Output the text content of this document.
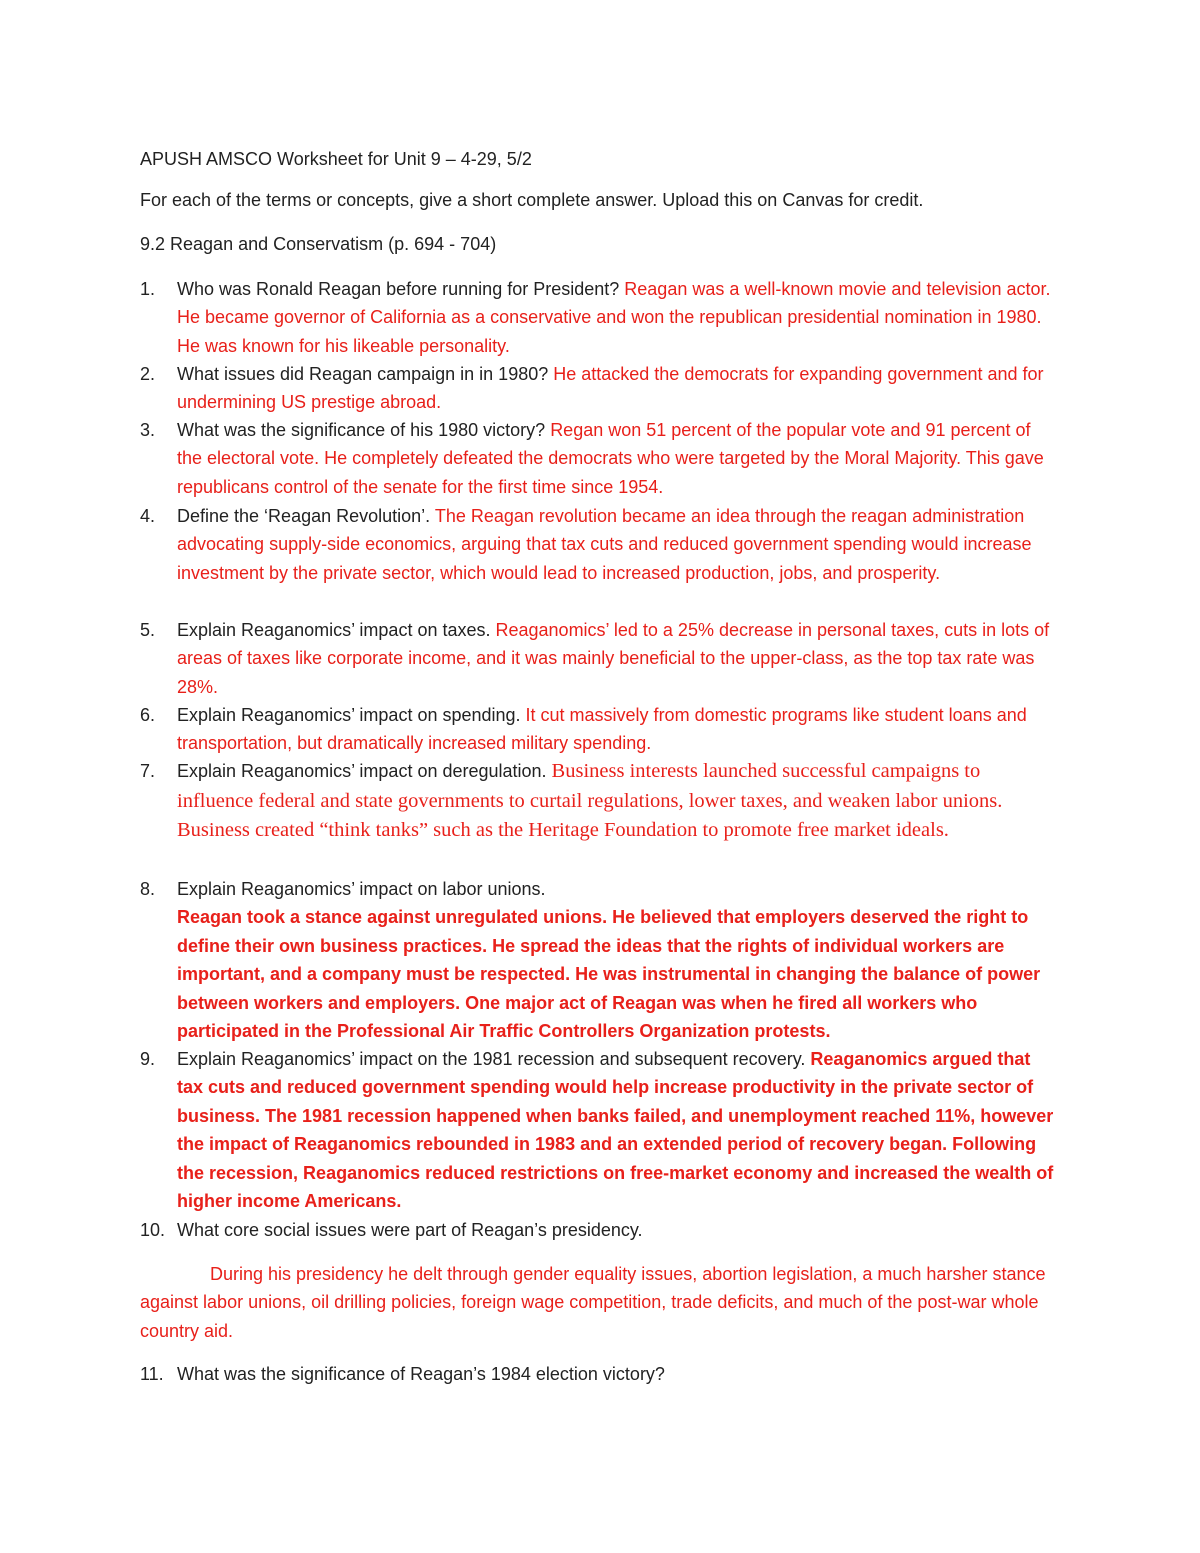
APUSH AMSCO Worksheet for Unit 9 – 4-29, 5/2
For each of the terms or concepts, give a short complete answer. Upload this on Canvas for credit.
9.2 Reagan and Conservatism (p. 694 - 704)
1.	Who was Ronald Reagan before running for President? Reagan was a well-known movie and television actor. He became governor of California as a conservative and won the republican presidential nomination in 1980. He was known for his likeable personality.
2.	What issues did Reagan campaign in in 1980? He attacked the democrats for expanding government and for undermining US prestige abroad.
3.	What was the significance of his 1980 victory? Regan won 51 percent of the popular vote and 91 percent of the electoral vote. He completely defeated the democrats who were targeted by the Moral Majority. This gave republicans control of the senate for the first time since 1954.
4.	Define the ‘Reagan Revolution’. The Reagan revolution became an idea through the reagan administration advocating supply-side economics, arguing that tax cuts and reduced government spending would increase investment by the private sector, which would lead to increased production, jobs, and prosperity.
5.	Explain Reaganomics’ impact on taxes. Reaganomics’ led to a 25% decrease in personal taxes, cuts in lots of areas of taxes like corporate income, and it was mainly beneficial to the upper-class, as the top tax rate was 28%.
6.	Explain Reaganomics’ impact on spending. It cut massively from domestic programs like student loans and transportation, but dramatically increased military spending.
7.	Explain Reaganomics’ impact on deregulation. Business interests launched successful campaigns to influence federal and state governments to curtail regulations, lower taxes, and weaken labor unions. Business created “think tanks” such as the Heritage Foundation to promote free market ideals.
8.	Explain Reaganomics’ impact on labor unions.
Reagan took a stance against unregulated unions. He believed that employers deserved the right to define their own business practices. He spread the ideas that the rights of individual workers are important, and a company must be respected. He was instrumental in changing the balance of power between workers and employers. One major act of Reagan was when he fired all workers who participated in the Professional Air Traffic Controllers Organization protests.
9.	Explain Reaganomics’ impact on the 1981 recession and subsequent recovery. Reaganomics argued that tax cuts and reduced government spending would help increase productivity in the private sector of business. The 1981 recession happened when banks failed, and unemployment reached 11%, however the impact of Reaganomics rebounded in 1983 and an extended period of recovery began. Following the recession, Reaganomics reduced restrictions on free-market economy and increased the wealth of higher income Americans.
10. What core social issues were part of Reagan’s presidency.
During his presidency he delt through gender equality issues, abortion legislation, a much harsher stance against labor unions, oil drilling policies, foreign wage competition, trade deficits, and much of the post-war whole country aid.
11. What was the significance of Reagan’s 1984 election victory?
